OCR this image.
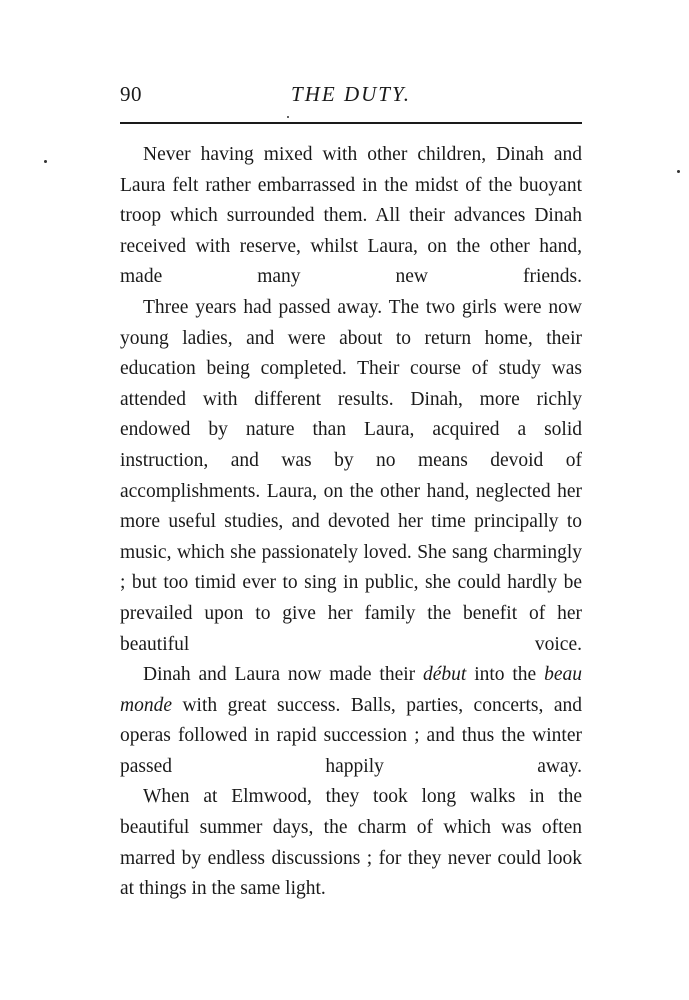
90	THE DUTY.

Never having mixed with other children, Dinah and Laura felt rather embarrassed in the midst of the buoyant troop which surrounded them. All their advances Dinah received with reserve, whilst Laura, on the other hand, made many new friends.

Three years had passed away. The two girls were now young ladies, and were about to return home, their education being completed. Their course of study was attended with different results. Dinah, more richly endowed by nature than Laura, acquired a solid instruction, and was by no means devoid of accomplishments. Laura, on the other hand, neglected her more useful studies, and devoted her time principally to music, which she passionately loved. She sang charmingly ; but too timid ever to sing in public, she could hardly be prevailed upon to give her family the benefit of her beautiful voice.

Dinah and Laura now made their début into the beau monde with great success. Balls, parties, concerts, and operas followed in rapid succession ; and thus the winter passed happily away.

When at Elmwood, they took long walks in the beautiful summer days, the charm of which was often marred by endless discussions ; for they never could look at things in the same light.
